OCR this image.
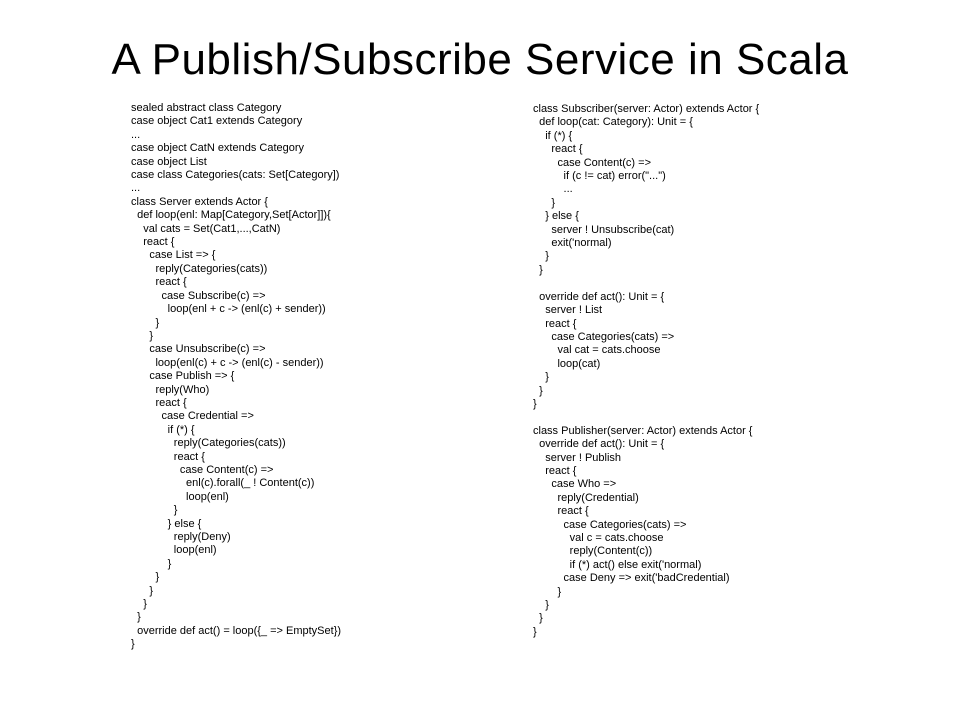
A Publish/Subscribe Service in Scala
sealed abstract class Category
case object Cat1 extends Category
...
case object CatN extends Category
case object List
case class Categories(cats: Set[Category])
...
class Server extends Actor {
def loop(enl: Map[Category,Set[Actor]]){
val cats = Set(Cat1,...,CatN)
react {
case List => {
reply(Categories(cats))
react {
case Subscribe(c) =>
loop(enl + c -> (enl(c) + sender))
}
}
case Unsubscribe(c) =>
loop(enl(c) + c -> (enl(c) - sender))
case Publish => {
reply(Who)
react {
case Credential =>
if (*) {
reply(Categories(cats))
react {
case Content(c) =>
enl(c).forall(_ ! Content(c))
loop(enl)
}
} else {
reply(Deny)
loop(enl)
}
}
}
}
}
override def act() = loop({_ => EmptySet})
}
class Subscriber(server: Actor) extends Actor {
def loop(cat: Category): Unit = {
if (*) {
react {
case Content(c) =>
if (c != cat) error("...")
...
}
} else {
server ! Unsubscribe(cat)
exit('normal)
}
}

override def act(): Unit = {
server ! List
react {
case Categories(cats) =>
val cat = cats.choose
loop(cat)
}
}
}

class Publisher(server: Actor) extends Actor {
override def act(): Unit = {
server ! Publish
react {
case Who =>
reply(Credential)
react {
case Categories(cats) =>
val c = cats.choose
reply(Content(c))
if (*) act() else exit('normal)
case Deny => exit('badCredential)
}
}
}
}
